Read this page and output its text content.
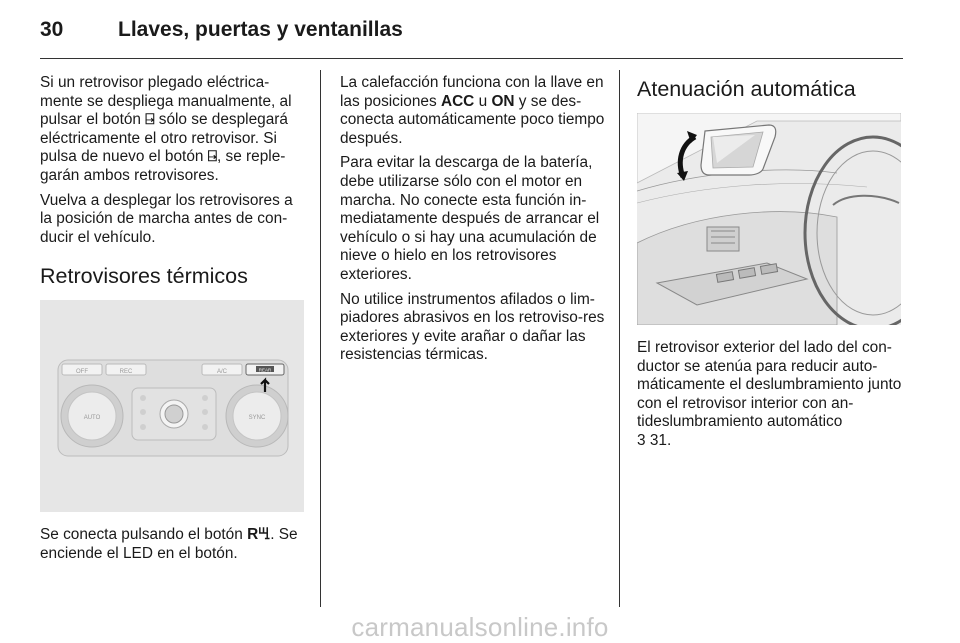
30	Llaves, puertas y ventanillas

Si un retrovisor plegado eléctrica-mente se despliega manualmente, al pulsar el botón ⍈ sólo se desplegará eléctricamente el otro retrovisor. Si pulsa de nuevo el botón ⍈, se reple-garán ambos retrovisores.

Vuelva a desplegar los retrovisores a la posición de marcha antes de con-ducir el vehículo.

Retrovisores térmicos
OFF	REC	A/C	REAR
AUTO	SYNC

Se conecta pulsando el botón Rꖇ. Se enciende el LED en el botón.

La calefacción funciona con la llave en las posiciones ACC u ON y se des-conecta automáticamente poco tiempo después.

Para evitar la descarga de la batería, debe utilizarse sólo con el motor en marcha. No conecte esta función in-mediatamente después de arrancar el vehículo o si hay una acumulación de nieve o hielo en los retrovisores exteriores.

No utilice instrumentos afilados o lim-piadores abrasivos en los retroviso-res exteriores y evite arañar o dañar las resistencias térmicas.

Atenuación automática

El retrovisor exterior del lado del con-ductor se atenúa para reducir auto-máticamente el deslumbramiento junto con el retrovisor interior con an-tideslumbramiento automático

3 31.

carmanualsonline.info
